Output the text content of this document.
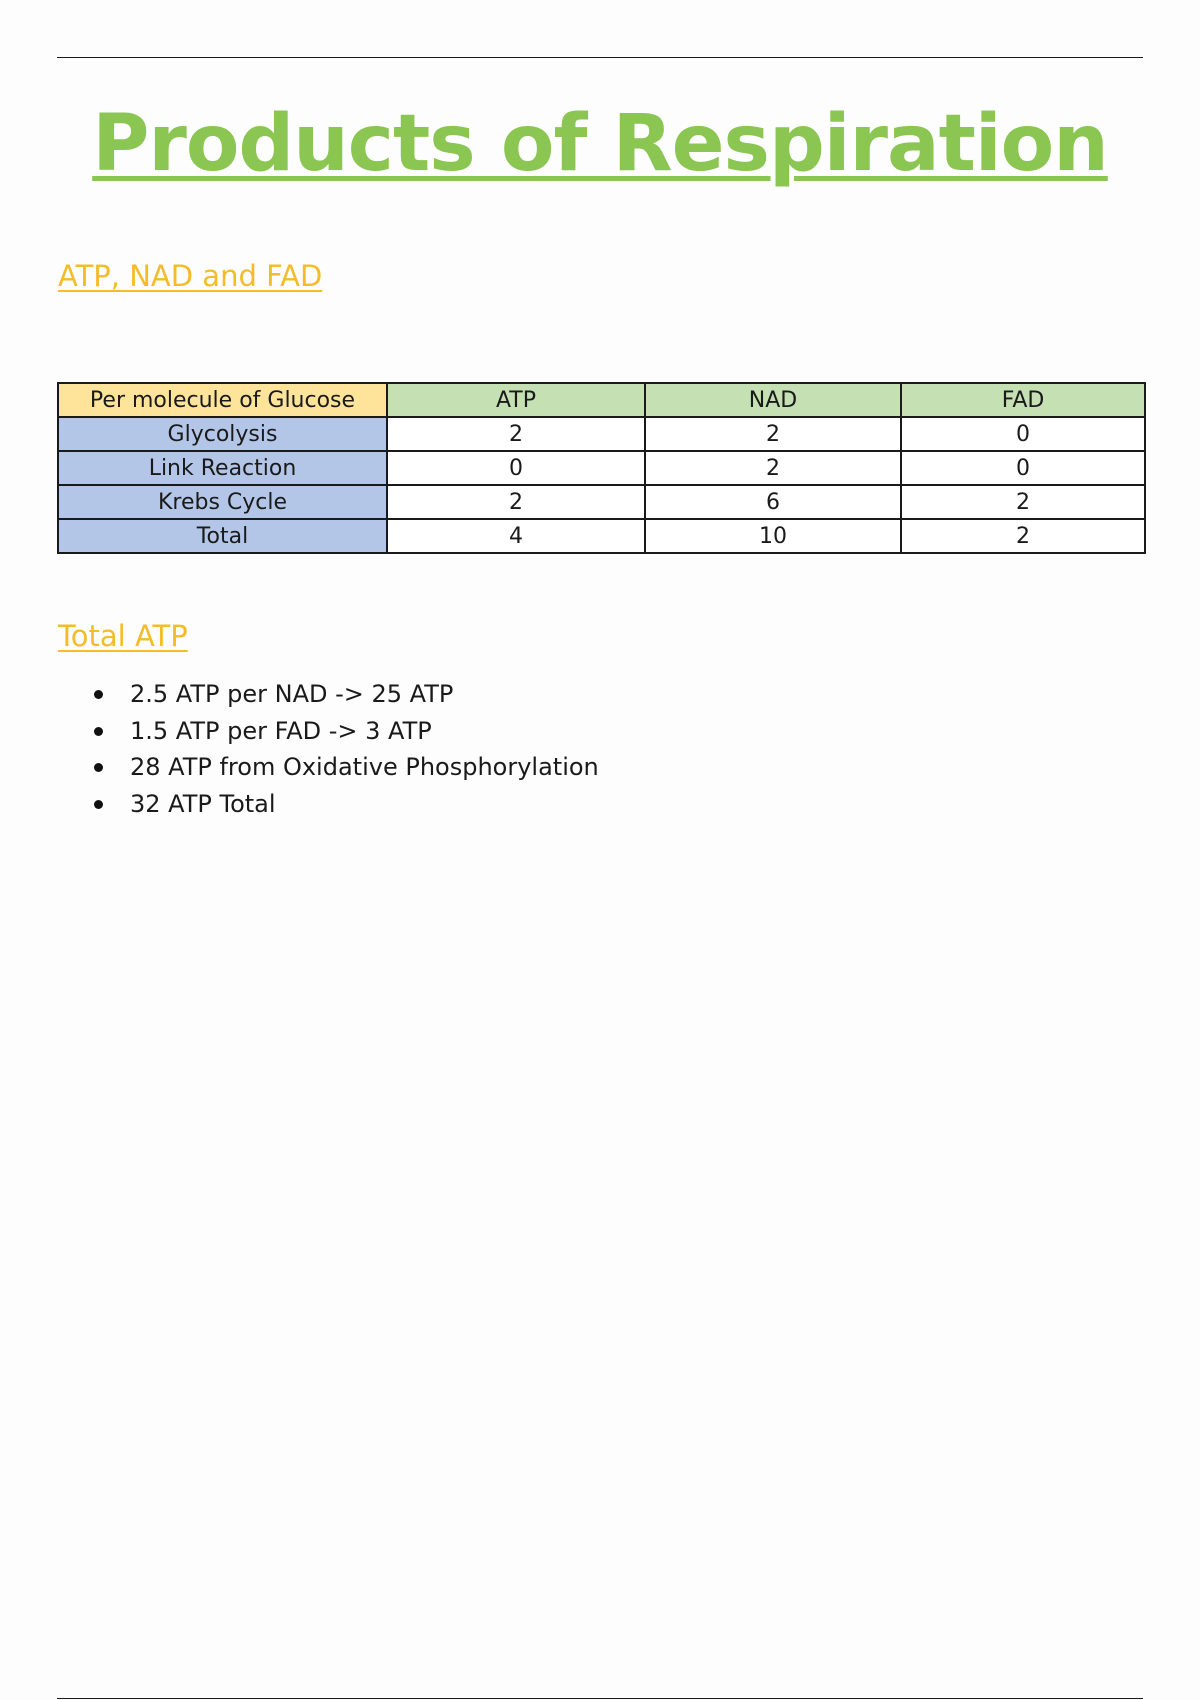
Products of Respiration
ATP, NAD and FAD
Per molecule of Glucose	ATP	NAD	FAD
Glycolysis	2	2	0
Link Reaction	0	2	0
Krebs Cycle	2	6	2
Total	4	10	2
Total ATP
2.5 ATP per NAD -> 25 ATP
1.5 ATP per FAD -> 3 ATP
28 ATP from Oxidative Phosphorylation
32 ATP Total
